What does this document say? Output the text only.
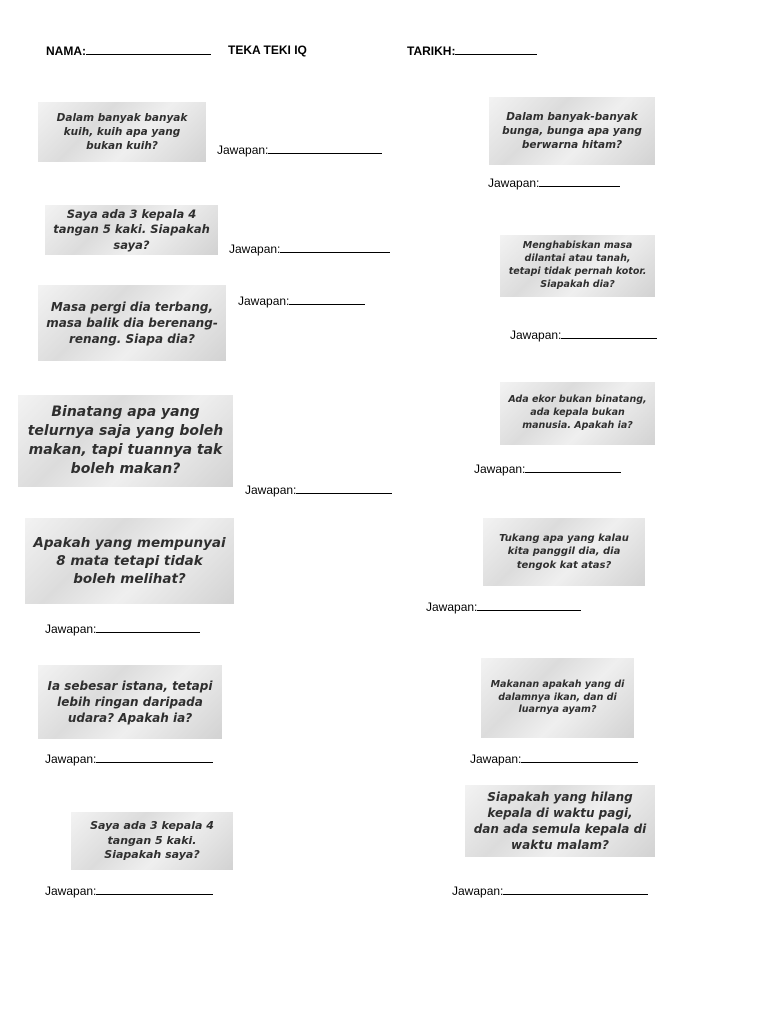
NAMA:	TEKA TEKI IQ	TARIKH:
Dalam banyak banyak kuih, kuih apa yang bukan kuih?	Jawapan:
Dalam banyak-banyak bunga, bunga apa yang berwarna hitam?
Jawapan:
Saya ada 3 kepala 4 tangan 5 kaki. Siapakah saya?	Jawapan:	Menghabiskan masa dilantai atau tanah, tetapi tidak pernah kotor. Siapakah dia?
Jawapan:
Masa pergi dia terbang, masa balik dia berenang-renang. Siapa dia?
Jawapan:
Ada ekor bukan binatang, ada kepala bukan manusia. Apakah ia?
Jawapan:
Binatang apa yang telurnya saja yang boleh makan, tapi tuannya tak boleh makan?
Jawapan:
Apakah yang mempunyai 8 mata tetapi tidak boleh melihat?
Jawapan:
Tukang apa yang kalau kita panggil dia, dia tengok kat atas?
Jawapan:
Ia sebesar istana, tetapi lebih ringan daripada udara? Apakah ia?
Jawapan:
Makanan apakah yang di dalamnya ikan, dan di luarnya ayam?
Jawapan:
Saya ada 3 kepala 4 tangan 5 kaki. Siapakah saya?
Jawapan:
Siapakah yang hilang kepala di waktu pagi, dan ada semula kepala di waktu malam?
Jawapan:
